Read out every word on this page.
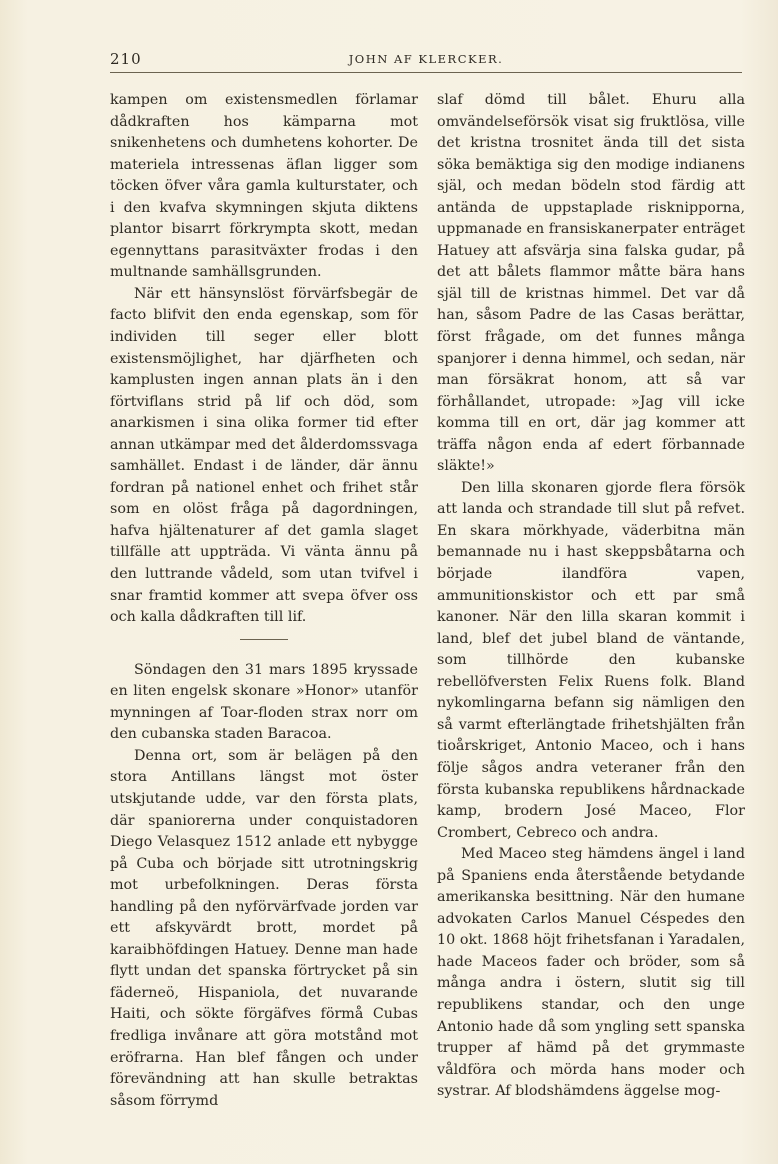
210	JOHN AF KLERCKER.

kampen om existensmedlen förlamar dådkraften hos kämparna mot snikenhetens och dumhetens kohorter. De materiela intressenas äflan ligger som töcken öfver våra gamla kulturstater, och i den kvafva skymningen skjuta diktens plantor bisarrt förkrympta skott, medan egennyttans parasitväxter frodas i den multnande samhällsgrunden.

När ett hänsynslöst förvärfsbegär de facto blifvit den enda egenskap, som för individen till seger eller blott existensmöjlighet, har djärfheten och kamplusten ingen annan plats än i den förtviflans strid på lif och död, som anarkismen i sina olika former tid efter annan utkämpar med det ålderdomssvaga samhället. Endast i de länder, där ännu fordran på nationel enhet och frihet står som en olöst fråga på dagordningen, hafva hjältenaturer af det gamla slaget tillfälle att uppträda. Vi vänta ännu på den luttrande vådeld, som utan tvifvel i snar framtid kommer att svepa öfver oss och kalla dådkraften till lif.

Söndagen den 31 mars 1895 kryssade en liten engelsk skonare »Honor» utanför mynningen af Toar-floden strax norr om den cubanska staden Baracoa.

Denna ort, som är belägen på den stora Antillans längst mot öster utskjutande udde, var den första plats, där spaniorerna under conquistadoren Diego Velasquez 1512 anlade ett nybygge på Cuba och började sitt utrotningskrig mot urbefolkningen. Deras första handling på den nyförvärfvade jorden var ett afskyvärdt brott, mordet på karaibhöfdingen Hatuey. Denne man hade flytt undan det spanska förtrycket på sin fäderneö, Hispaniola, det nuvarande Haiti, och sökte förgäfves förmå Cubas fredliga invånare att göra motstånd mot eröfrarna. Han blef fången och under förevändning att han skulle betraktas såsom förrymd

slaf dömd till bålet. Ehuru alla omvändelseförsök visat sig fruktlösa, ville det kristna trosnitet ända till det sista söka bemäktiga sig den modige indianens själ, och medan bödeln stod färdig att antända de uppstaplade risknipporna, uppmanade en fransiskanerpater enträget Hatuey att afsvärja sina falska gudar, på det att bålets flammor måtte bära hans själ till de kristnas himmel. Det var då han, såsom Padre de las Casas berättar, först frågade, om det funnes många spanjorer i denna himmel, och sedan, när man försäkrat honom, att så var förhållandet, utropade: »Jag vill icke komma till en ort, där jag kommer att träffa någon enda af edert förbannade släkte!»

Den lilla skonaren gjorde flera försök att landa och strandade till slut på refvet. En skara mörkhyade, väderbitna män bemannade nu i hast skeppsbåtarna och började ilandföra vapen, ammunitionskistor och ett par små kanoner. När den lilla skaran kommit i land, blef det jubel bland de väntande, som tillhörde den kubanske rebellöfversten Felix Ruens folk. Bland nykomlingarna befann sig nämligen den så varmt efterlängtade frihetshjälten från tioårskriget, Antonio Maceo, och i hans följe sågos andra veteraner från den första kubanska republikens hårdnackade kamp, brodern José Maceo, Flor Crombert, Cebreco och andra.

Med Maceo steg hämdens ängel i land på Spaniens enda återstående betydande amerikanska besittning. När den humane advokaten Carlos Manuel Céspedes den 10 okt. 1868 höjt frihetsfanan i Yaradalen, hade Maceos fader och bröder, som så många andra i östern, slutit sig till republikens standar, och den unge Antonio hade då som yngling sett spanska trupper af hämd på det grymmaste våldföra och mörda hans moder och systrar. Af blodshämdens äggelse mog-
